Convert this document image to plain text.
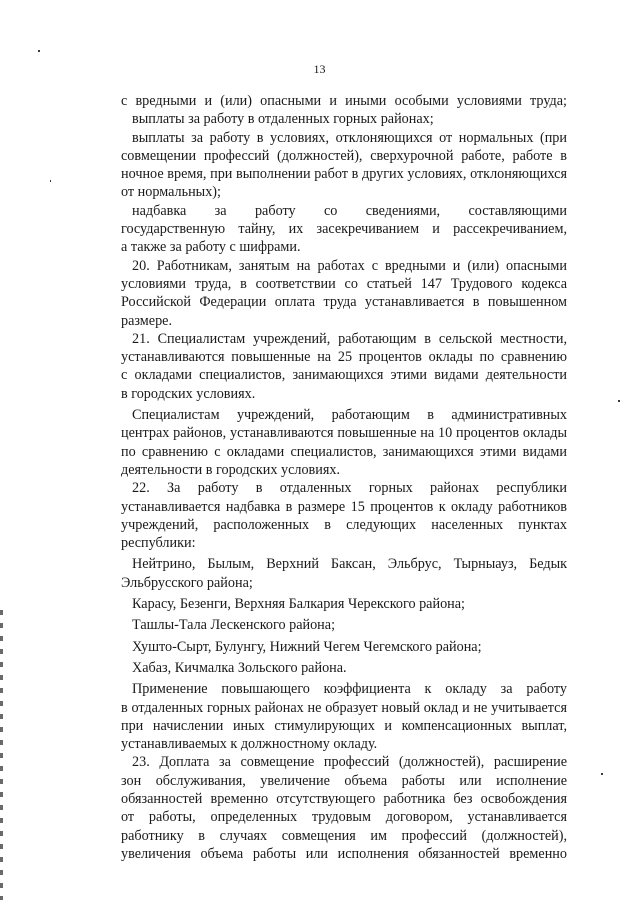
13
с вредными и (или) опасными и иными особыми условиями труда;
выплаты за работу в отдаленных горных районах;
выплаты за работу в условиях, отклоняющихся от нормальных (при
совмещении профессий (должностей), сверхурочной работе, работе в
ночное время, при выполнении работ в других условиях, отклоняющихся
от нормальных);
надбавка за работу со сведениями, составляющими
государственную тайну, их засекречиванием и рассекречиванием,
а также за работу с шифрами.
20. Работникам, занятым на работах с вредными и (или) опасными
условиями труда, в соответствии со статьей 147 Трудового кодекса
Российской Федерации оплата труда устанавливается в повышенном
размере.
21. Специалистам учреждений, работающим в сельской местности,
устанавливаются повышенные на 25 процентов оклады по сравнению
с окладами специалистов, занимающихся этими видами деятельности
в городских условиях.
Специалистам учреждений, работающим в административных
центрах районов, устанавливаются повышенные на 10 процентов оклады
по сравнению с окладами специалистов, занимающихся этими видами
деятельности в городских условиях.
22. За работу в отдаленных горных районах республики
устанавливается надбавка в размере 15 процентов к окладу работников
учреждений, расположенных в следующих населенных пунктах
республики:
Нейтрино, Былым, Верхний Баксан, Эльбрус, Тырныауз, Бедык
Эльбрусского района;
Карасу, Безенги, Верхняя Балкария Черекского района;
Ташлы-Тала Лескенского района;
Хушто-Сырт, Булунгу, Нижний Чегем Чегемского района;
Хабаз, Кичмалка Зольского района.
Применение повышающего коэффициента к окладу за работу
в отдаленных горных районах не образует новый оклад и не учитывается
при начислении иных стимулирующих и компенсационных выплат,
устанавливаемых к должностному окладу.
23. Доплата за совмещение профессий (должностей), расширение
зон обслуживания, увеличение объема работы или исполнение
обязанностей временно отсутствующего работника без освобождения
от работы, определенных трудовым договором, устанавливается
работнику в случаях совмещения им профессий (должностей),
увеличения объема работы или исполнения обязанностей временно
